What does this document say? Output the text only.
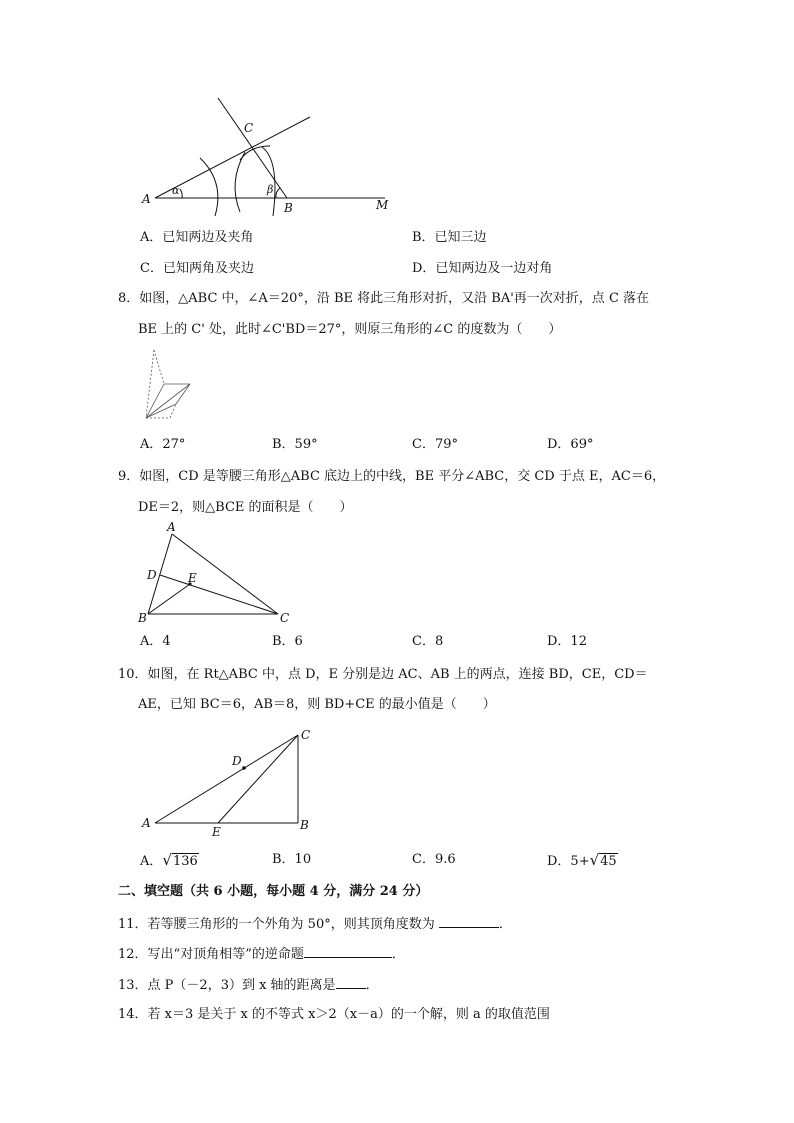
A
α
C
β
B	M
A．已知两边及夹角	B．已知三边
C．已知两角及夹边	D．已知两边及一边对角
8．如图，△ABC 中，∠A＝20°，沿 BE 将此三角形对折，又沿 BA'再一次对折，点 C 落在
BE 上的 C' 处，此时∠C'BD＝27°，则原三角形的∠C 的度数为（　　）
A．27°	B．59°	C．79°	D．69°
9．如图，CD 是等腰三角形△ABC 底边上的中线，BE 平分∠ABC，交 CD 于点 E，AC＝6，
DE＝2，则△BCE 的面积是（　　）
A
D	E
B	C
A．4	B．6	C．8	D．12
10．如图，在 Rt△ABC 中，点 D，E 分别是边 AC、AB 上的两点，连接 BD，CE，CD＝
AE，已知 BC＝6，AB＝8，则 BD+CE 的最小值是（　　）
A
D
E	B
C
A．√136	B．10	C．9.6	D．5+√45
二、填空题（共 6 小题，每小题 4 分，满分 24 分）
11．若等腰三角形的一个外角为 50°，则其顶角度数为	．
12．写出“对顶角相等”的逆命题	．
13．点 P（－2，3）到 x 轴的距离是 ．
14．若 x＝3 是关于 x 的不等式 x＞2（x－a）的一个解，则 a 的取值范围
